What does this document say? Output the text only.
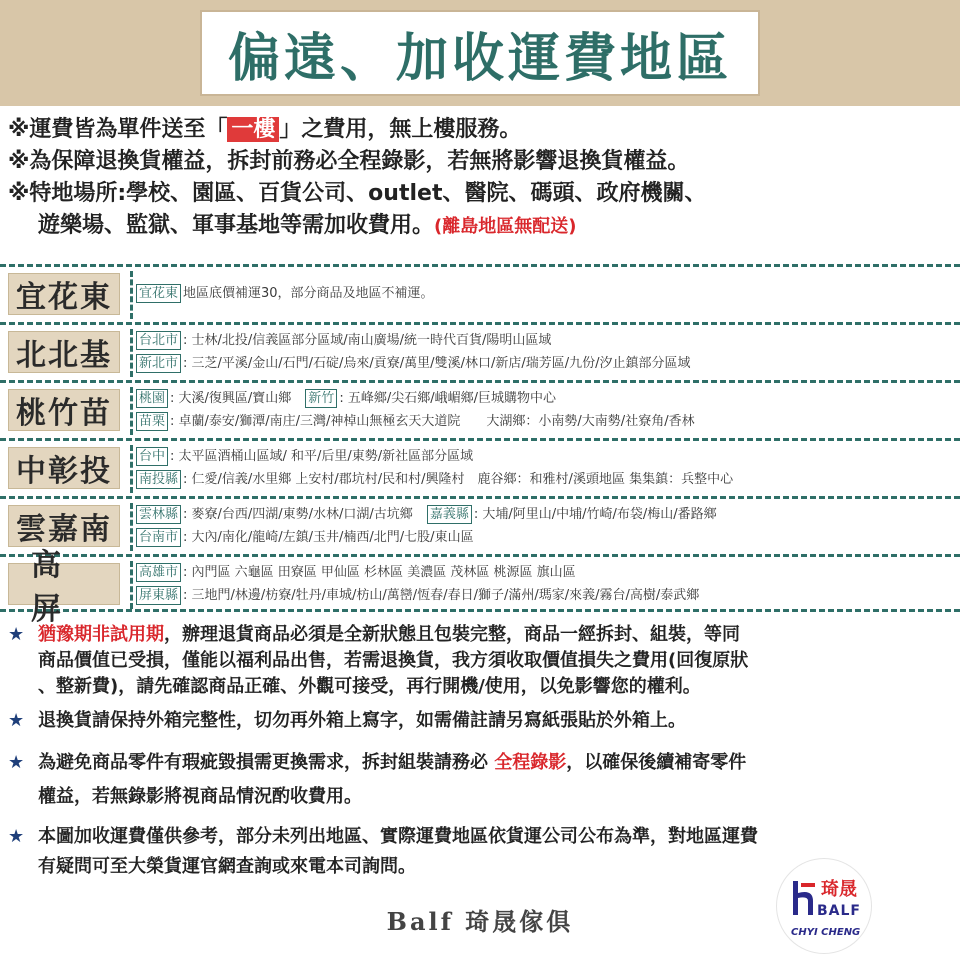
偏遠、加收運費地區
※運費皆為單件送至「 一樓 」之費用，無上樓服務。
※為保障退換貨權益，拆封前務必全程錄影，若無將影響退換貨權益。
※特地場所:學校、園區、百貨公司、outlet、醫院、碼頭、政府機關、
遊樂場、監獄、軍事基地等需加收費用。(離島地區無配送)
宜花東	宜花東 地區底價補運30，部分商品及地區不補運。
北北基	台北市 : 士林/北投/信義區部分區域/南山廣場/統一時代百貨/陽明山區域
新北市 : 三芝/平溪/金山/石門/石碇/烏來/貢寮/萬里/雙溪/林口/新店/瑞芳區/九份/汐止鎮部分區域
桃竹苗	桃園 : 大溪/復興區/寶山鄉 新竹 : 五峰鄉/尖石鄉/峨嵋鄉/巨城購物中心
苗栗 : 卓蘭/泰安/獅潭/南庄/三灣/神棹山無極玄天大道院　　大湖鄉：小南勢/大南勢/社寮角/香林
中彰投	台中 : 太平區酒桶山區域/ 和平/后里/東勢/新社區部分區域
南投縣 : 仁愛/信義/水里鄉 上安村/郡坑村/民和村/興隆村　鹿谷鄉：和雅村/溪頭地區 集集鎮：兵整中心
雲嘉南	雲林縣 : 麥寮/台西/四湖/東勢/水林/口湖/古坑鄉 嘉義縣 : 大埔/阿里山/中埔/竹崎/布袋/梅山/番路鄉
台南市 : 大內/南化/龍崎/左鎮/玉井/楠西/北門/七股/東山區
高屏
高雄市 : 內門區 六龜區 田寮區 甲仙區 杉林區 美濃區 茂林區 桃源區 旗山區
屏東縣 : 三地門/林邊/枋寮/牡丹/車城/枋山/萬巒/恆春/春日/獅子/滿州/瑪家/來義/霧台/高樹/泰武鄉
★ 猶豫期非試用期，辦理退貨商品必須是全新狀態且包裝完整，商品一經拆封、組裝，等同
商品價值已受損，僅能以福利品出售，若需退換貨，我方須收取價值損失之費用(回復原狀
、整新費)，請先確認商品正確、外觀可接受，再行開機/使用，以免影響您的權利。
★ 退換貨請保持外箱完整性，切勿再外箱上寫字，如需備註請另寫紙張貼於外箱上。
★ 為避免商品零件有瑕疵毀損需更換需求，拆封組裝請務必 全程錄影，以確保後續補寄零件
權益，若無錄影將視商品情況酌收費用。
★ 本圖加收運費僅供參考，部分未列出地區、實際運費地區依貨運公司公布為準，對地區運費
有疑問可至大榮貨運官網查詢或來電本司詢問。
Balf 琦晟傢俱
琦晟
BALF
CHYI CHENG
